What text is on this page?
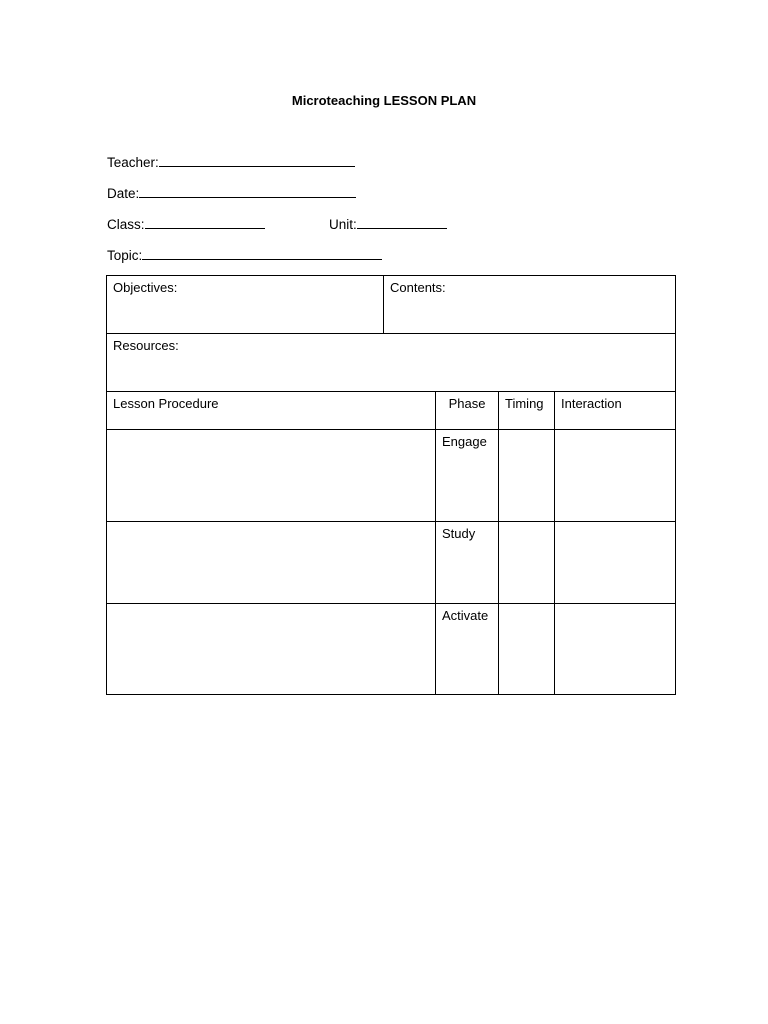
Microteaching LESSON PLAN
Teacher:
Date:
Class:	Unit:
Topic:
Objectives:	Contents:			
Resources:				
Lesson Procedure		Phase	Timing	Interaction
		Engage		
		Study		
		Activate		
